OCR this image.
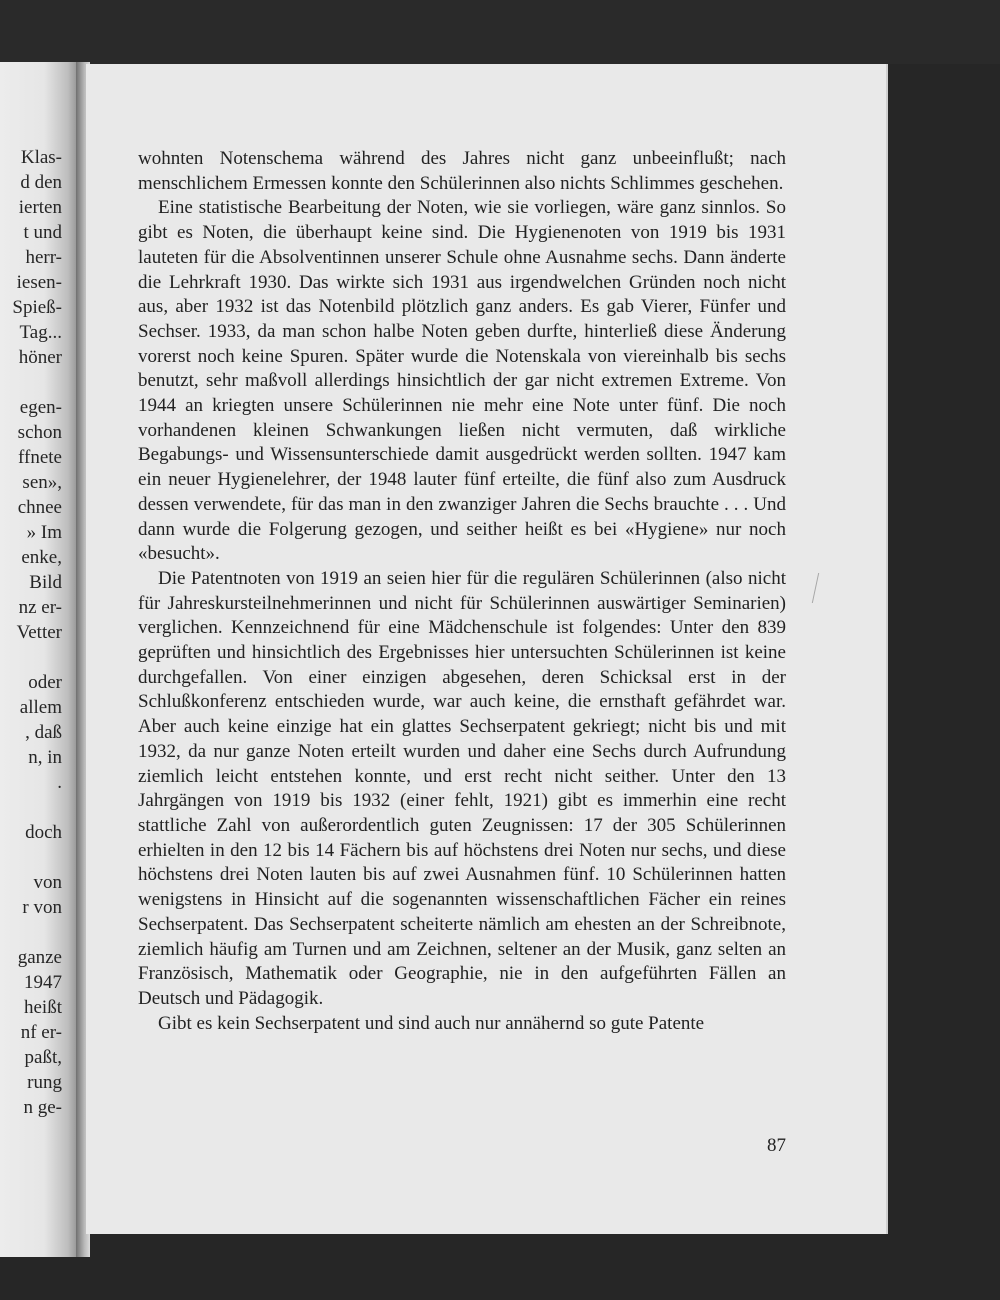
Klas-

d den

ierten

t und

herr-

iesen-

Spieß-

Tag...

höner

egen-

schon

ffnete

sen»,

chnee

» Im

enke,

Bild

nz er-

Vetter

oder

allem

, daß

n, in

.

doch

von

r von

ganze

1947

heißt

nf er-

paßt,

rung

n ge-

wohnten Notenschema während des Jahres nicht ganz unbeeinflußt; nach menschlichem Ermessen konnte den Schülerinnen also nichts Schlimmes geschehen.

Eine statistische Bearbeitung der Noten, wie sie vorliegen, wäre ganz sinnlos. So gibt es Noten, die überhaupt keine sind. Die Hygienenoten von 1919 bis 1931 lauteten für die Absolventinnen unserer Schule ohne Ausnahme sechs. Dann änderte die Lehrkraft 1930. Das wirkte sich 1931 aus irgendwelchen Gründen noch nicht aus, aber 1932 ist das Notenbild plötzlich ganz anders. Es gab Vierer, Fünfer und Sechser. 1933, da man schon halbe Noten geben durfte, hinterließ diese Änderung vorerst noch keine Spuren. Später wurde die Notenskala von viereinhalb bis sechs benutzt, sehr maßvoll allerdings hinsichtlich der gar nicht extremen Extreme. Von 1944 an kriegten unsere Schülerinnen nie mehr eine Note unter fünf. Die noch vorhandenen kleinen Schwankungen ließen nicht vermuten, daß wirkliche Begabungs- und Wissensunterschiede damit ausgedrückt werden sollten. 1947 kam ein neuer Hygienelehrer, der 1948 lauter fünf erteilte, die fünf also zum Ausdruck dessen verwendete, für das man in den zwanziger Jahren die Sechs brauchte . . . Und dann wurde die Folgerung gezogen, und seither heißt es bei «Hygiene» nur noch «besucht».

Die Patentnoten von 1919 an seien hier für die regulären Schülerinnen (also nicht für Jahreskursteilnehmerinnen und nicht für Schülerinnen auswärtiger Seminarien) verglichen. Kennzeichnend für eine Mädchenschule ist folgendes: Unter den 839 geprüften und hinsichtlich des Ergebnisses hier untersuchten Schülerinnen ist keine durchgefallen. Von einer einzigen abgesehen, deren Schicksal erst in der Schlußkonferenz entschieden wurde, war auch keine, die ernsthaft gefährdet war. Aber auch keine einzige hat ein glattes Sechserpatent gekriegt; nicht bis und mit 1932, da nur ganze Noten erteilt wurden und daher eine Sechs durch Aufrundung ziemlich leicht entstehen konnte, und erst recht nicht seither. Unter den 13 Jahrgängen von 1919 bis 1932 (einer fehlt, 1921) gibt es immerhin eine recht stattliche Zahl von außerordentlich guten Zeugnissen: 17 der 305 Schülerinnen erhielten in den 12 bis 14 Fächern bis auf höchstens drei Noten nur sechs, und diese höchstens drei Noten lauten bis auf zwei Ausnahmen fünf. 10 Schülerinnen hatten wenigstens in Hinsicht auf die sogenannten wissenschaftlichen Fächer ein reines Sechserpatent. Das Sechserpatent scheiterte nämlich am ehesten an der Schreibnote, ziemlich häufig am Turnen und am Zeichnen, seltener an der Musik, ganz selten an Französisch, Mathematik oder Geographie, nie in den aufgeführten Fällen an Deutsch und Pädagogik.

Gibt es kein Sechserpatent und sind auch nur annähernd so gute Patente

87
